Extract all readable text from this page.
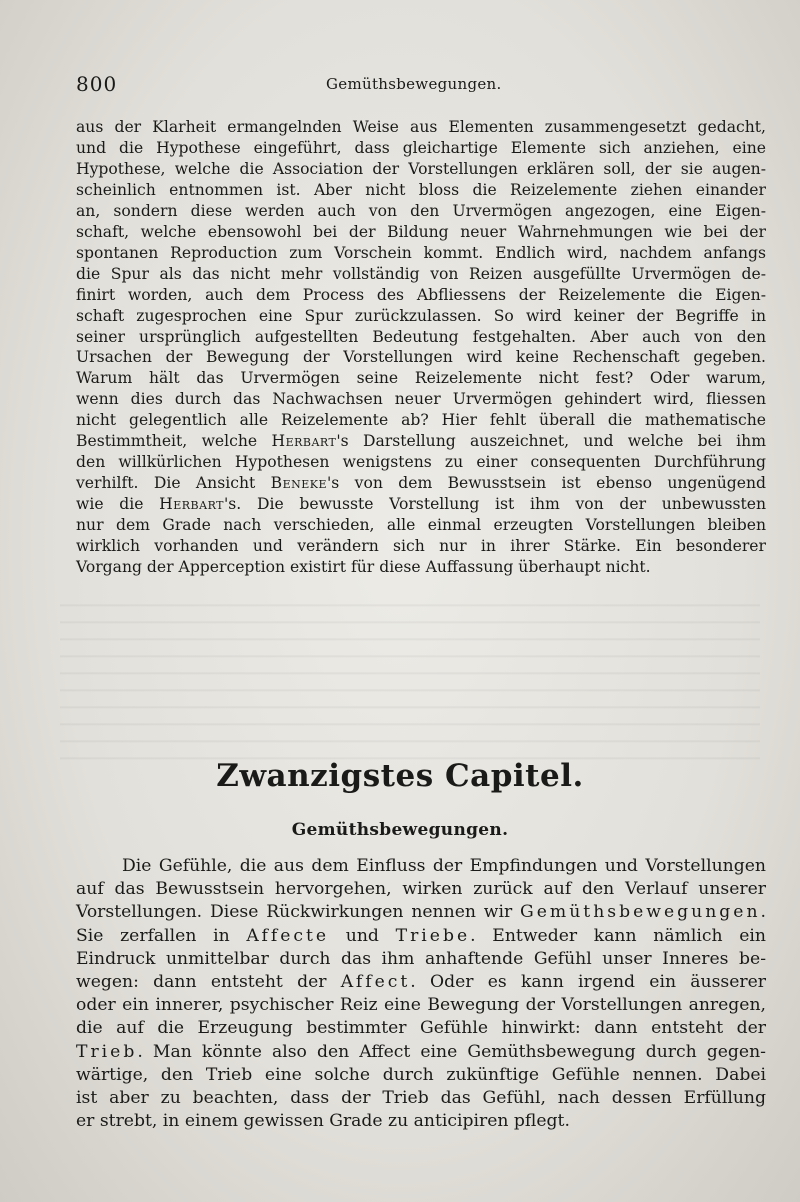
800	Gemüthsbewegungen.
aus der Klarheit ermangelnden Weise aus Elementen zusammengesetzt gedacht,
und die Hypothese eingeführt, dass gleichartige Elemente sich anziehen, eine
Hypothese, welche die Association der Vorstellungen erklären soll, der sie augen-
scheinlich entnommen ist. Aber nicht bloss die Reizelemente ziehen einander
an, sondern diese werden auch von den Urvermögen angezogen, eine Eigen-
schaft, welche ebensowohl bei der Bildung neuer Wahrnehmungen wie bei der
spontanen Reproduction zum Vorschein kommt. Endlich wird, nachdem anfangs
die Spur als das nicht mehr vollständig von Reizen ausgefüllte Urvermögen de-
finirt worden, auch dem Process des Abfliessens der Reizelemente die Eigen-
schaft zugesprochen eine Spur zurückzulassen. So wird keiner der Begriffe in
seiner ursprünglich aufgestellten Bedeutung festgehalten. Aber auch von den
Ursachen der Bewegung der Vorstellungen wird keine Rechenschaft gegeben.
Warum hält das Urvermögen seine Reizelemente nicht fest? Oder warum,
wenn dies durch das Nachwachsen neuer Urvermögen gehindert wird, fliessen
nicht gelegentlich alle Reizelemente ab? Hier fehlt überall die mathematische
Bestimmtheit, welche Herbart's Darstellung auszeichnet, und welche bei ihm
den willkürlichen Hypothesen wenigstens zu einer consequenten Durchführung
verhilft. Die Ansicht Beneke's von dem Bewusstsein ist ebenso ungenügend
wie die Herbart's. Die bewusste Vorstellung ist ihm von der unbewussten
nur dem Grade nach verschieden, alle einmal erzeugten Vorstellungen bleiben
wirklich vorhanden und verändern sich nur in ihrer Stärke. Ein besonderer
Vorgang der Apperception existirt für diese Auffassung überhaupt nicht.
Zwanzigstes Capitel.
Gemüthsbewegungen.
Die Gefühle, die aus dem Einfluss der Empfindungen und Vorstellungen
auf das Bewusstsein hervorgehen, wirken zurück auf den Verlauf unserer
Vorstellungen. Diese Rückwirkungen nennen wir Gemüthsbewegungen.
Sie zerfallen in Affecte und Triebe. Entweder kann nämlich ein
Eindruck unmittelbar durch das ihm anhaftende Gefühl unser Inneres be-
wegen: dann entsteht der Affect. Oder es kann irgend ein äusserer
oder ein innerer, psychischer Reiz eine Bewegung der Vorstellungen anregen,
die auf die Erzeugung bestimmter Gefühle hinwirkt: dann entsteht der
Trieb. Man könnte also den Affect eine Gemüthsbewegung durch gegen-
wärtige, den Trieb eine solche durch zukünftige Gefühle nennen. Dabei
ist aber zu beachten, dass der Trieb das Gefühl, nach dessen Erfüllung
er strebt, in einem gewissen Grade zu anticipiren pflegt.
